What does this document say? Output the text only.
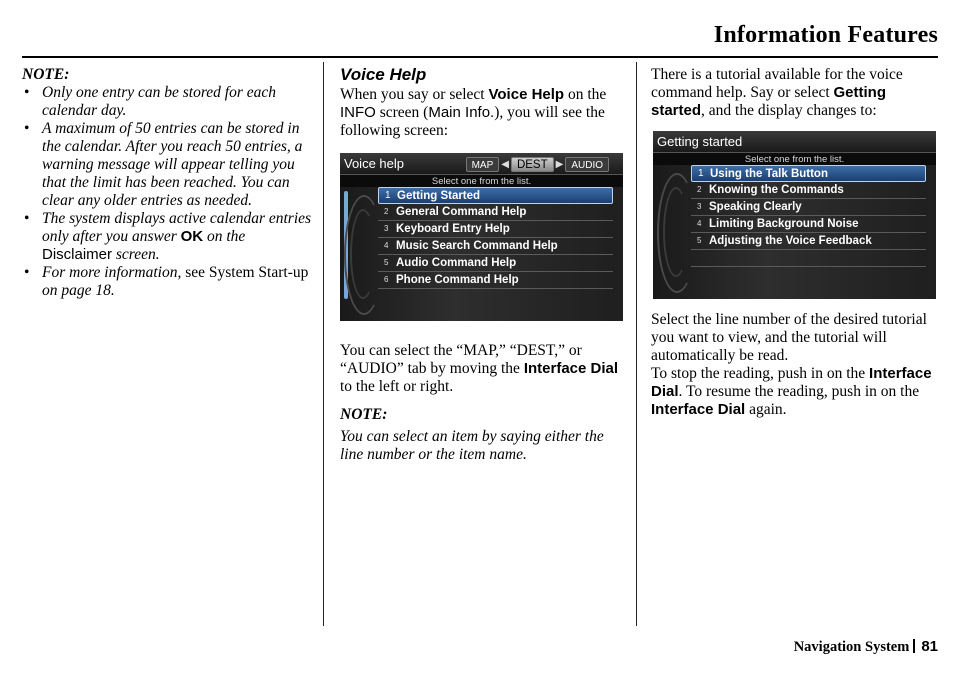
Information Features

NOTE:

• Only one entry can be stored for each calendar day.
• A maximum of 50 entries can be stored in the calendar. After you reach 50 entries, a warning message will appear telling you that the limit has been reached. You can clear any older entries as needed.
• The system displays active calendar entries only after you answer OK on the Disclaimer screen.
• For more information, see System Start-up on page 18.

Voice Help

When you say or select Voice Help on the INFO screen (Main Info.), you will see the following screen:

You can select the “MAP,” “DEST,” or “AUDIO” tab by moving the Interface Dial to the left or right.

NOTE:

You can select an item by saying either the line number or the item name.

Voice help	MAP ◀ DEST ▶ AUDIO
Select one from the list.
1 Getting Started
2 General Command Help
3 Keyboard Entry Help
4 Music Search Command Help
5 Audio Command Help
6 Phone Command Help

There is a tutorial available for the voice command help. Say or select Getting started, and the display changes to:

Select the line number of the desired tutorial you want to view, and the tutorial will automatically be read.

To stop the reading, push in on the Interface Dial. To resume the reading, push in on the Interface Dial again.

Getting started
Select one from the list.
1 Using the Talk Button
2 Knowing the Commands
3 Speaking Clearly
4 Limiting Background Noise
5 Adjusting the Voice Feedback
Navigation System 81
